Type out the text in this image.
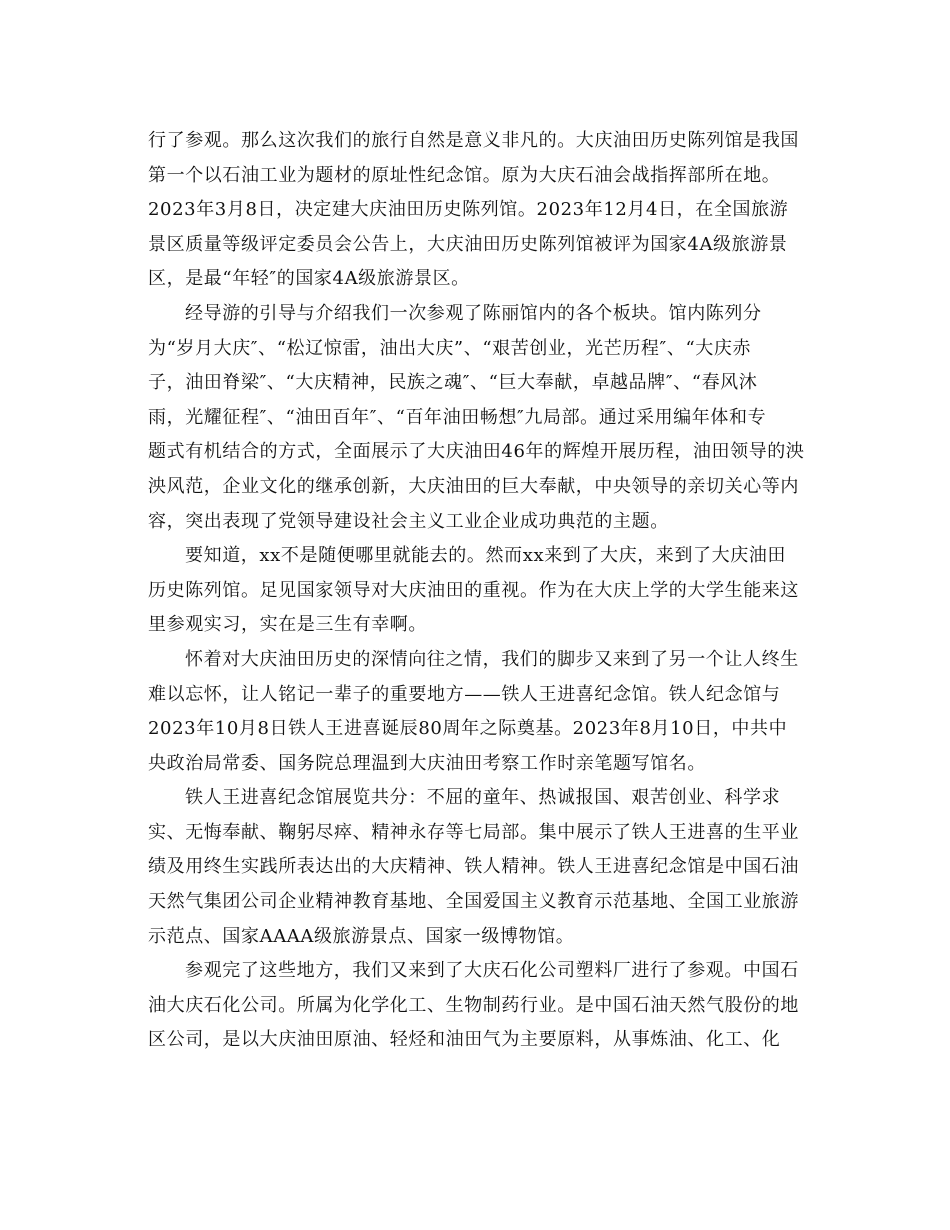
行了参观。那么这次我们的旅行自然是意义非凡的。大庆油田历史陈列馆是我国
第一个以石油工业为题材的原址性纪念馆。原为大庆石油会战指挥部所在地。
2023年3月8日，决定建大庆油田历史陈列馆。2023年12月4日，在全国旅游
景区质量等级评定委员会公告上，大庆油田历史陈列馆被评为国家4A级旅游景
区，是最“年轻″的国家4A级旅游景区。

经导游的引导与介绍我们一次参观了陈丽馆内的各个板块。馆内陈列分
为“岁月大庆″、“松辽惊雷，油出大庆”、“艰苦创业，光芒历程″、“大庆赤
子，油田脊梁″、“大庆精神，民族之魂″、“巨大奉献，卓越品牌″、“春风沐
雨，光耀征程″、“油田百年″、“百年油田畅想″九局部。通过采用编年体和专
题式有机结合的方式，全面展示了大庆油田46年的辉煌开展历程，油田领导的泱
泱风范，企业文化的继承创新，大庆油田的巨大奉献，中央领导的亲切关心等内
容，突出表现了党领导建设社会主义工业企业成功典范的主题。

要知道，xx不是随便哪里就能去的。然而xx来到了大庆，来到了大庆油田
历史陈列馆。足见国家领导对大庆油田的重视。作为在大庆上学的大学生能来这
里参观实习，实在是三生有幸啊。

怀着对大庆油田历史的深情向往之情，我们的脚步又来到了另一个让人终生
难以忘怀，让人铭记一辈子的重要地方——铁人王进喜纪念馆。铁人纪念馆与
2023年10月8日铁人王进喜诞辰80周年之际奠基。2023年8月10日，中共中
央政治局常委、国务院总理温到大庆油田考察工作时亲笔题写馆名。

铁人王进喜纪念馆展览共分：不屈的童年、热诚报国、艰苦创业、科学求
实、无悔奉献、鞠躬尽瘁、精神永存等七局部。集中展示了铁人王进喜的生平业
绩及用终生实践所表达出的大庆精神、铁人精神。铁人王进喜纪念馆是中国石油
天然气集团公司企业精神教育基地、全国爱国主义教育示范基地、全国工业旅游
示范点、国家AAAA级旅游景点、国家一级博物馆。

参观完了这些地方，我们又来到了大庆石化公司塑料厂进行了参观。中国石
油大庆石化公司。所属为化学化工、生物制药行业。是中国石油天然气股份的地
区公司，是以大庆油田原油、轻烃和油田气为主要原料，从事炼油、化工、化
